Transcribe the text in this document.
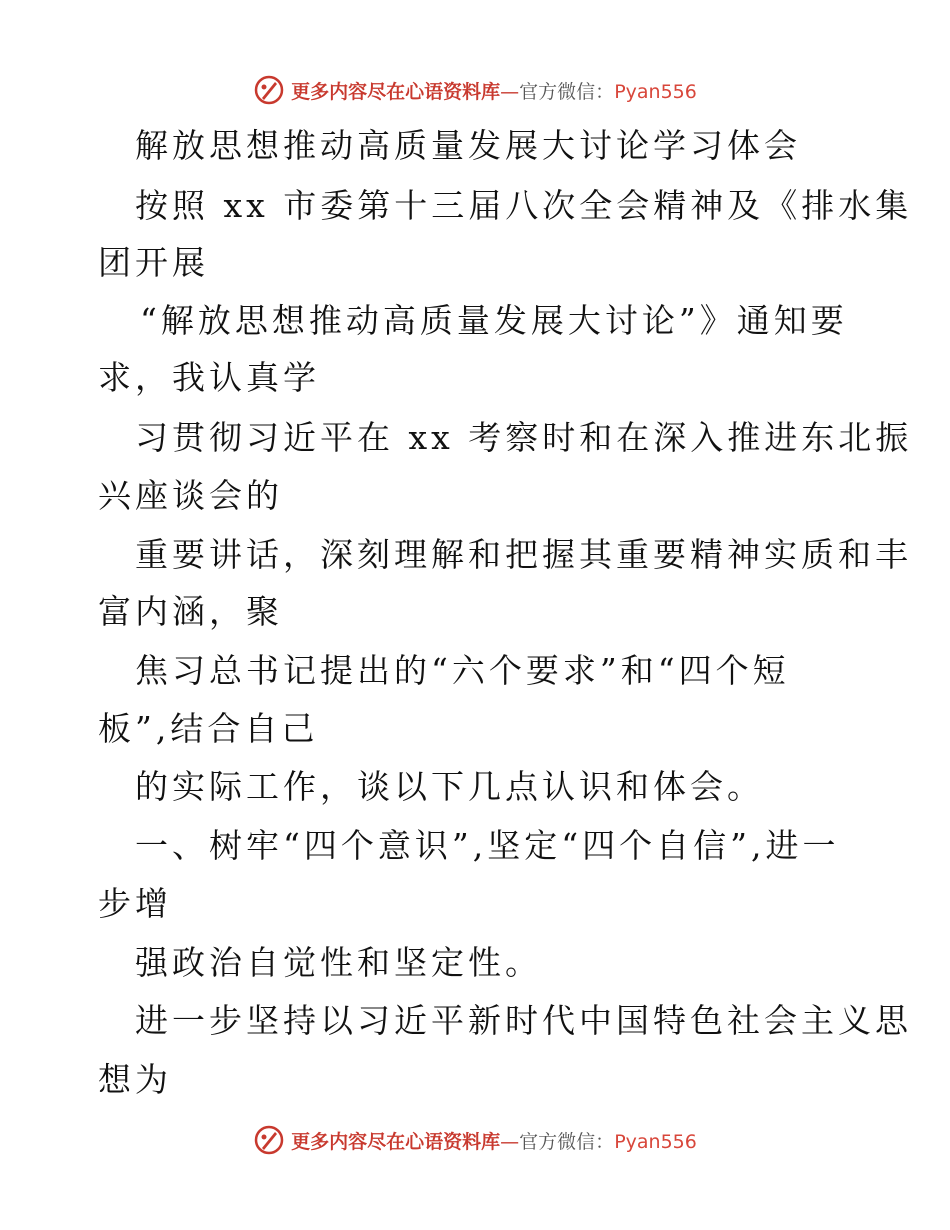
更多内容尽在心语资料库—官方微信：Pyan556
解放思想推动高质量发展大讨论学习体会
按照 xx 市委第十三届八次全会精神及《排水集
团开展
“解放思想推动高质量发展大讨论”》通知要
求，我认真学
习贯彻习近平在 xx 考察时和在深入推进东北振
兴座谈会的
重要讲话，深刻理解和把握其重要精神实质和丰
富内涵，聚
焦习总书记提出的“六个要求”和“四个短
板”,结合自己
的实际工作，谈以下几点认识和体会。
一、树牢“四个意识”,坚定“四个自信”,进一
步增
强政治自觉性和坚定性。
进一步坚持以习近平新时代中国特色社会主义思
想为
更多内容尽在心语资料库—官方微信：Pyan556
